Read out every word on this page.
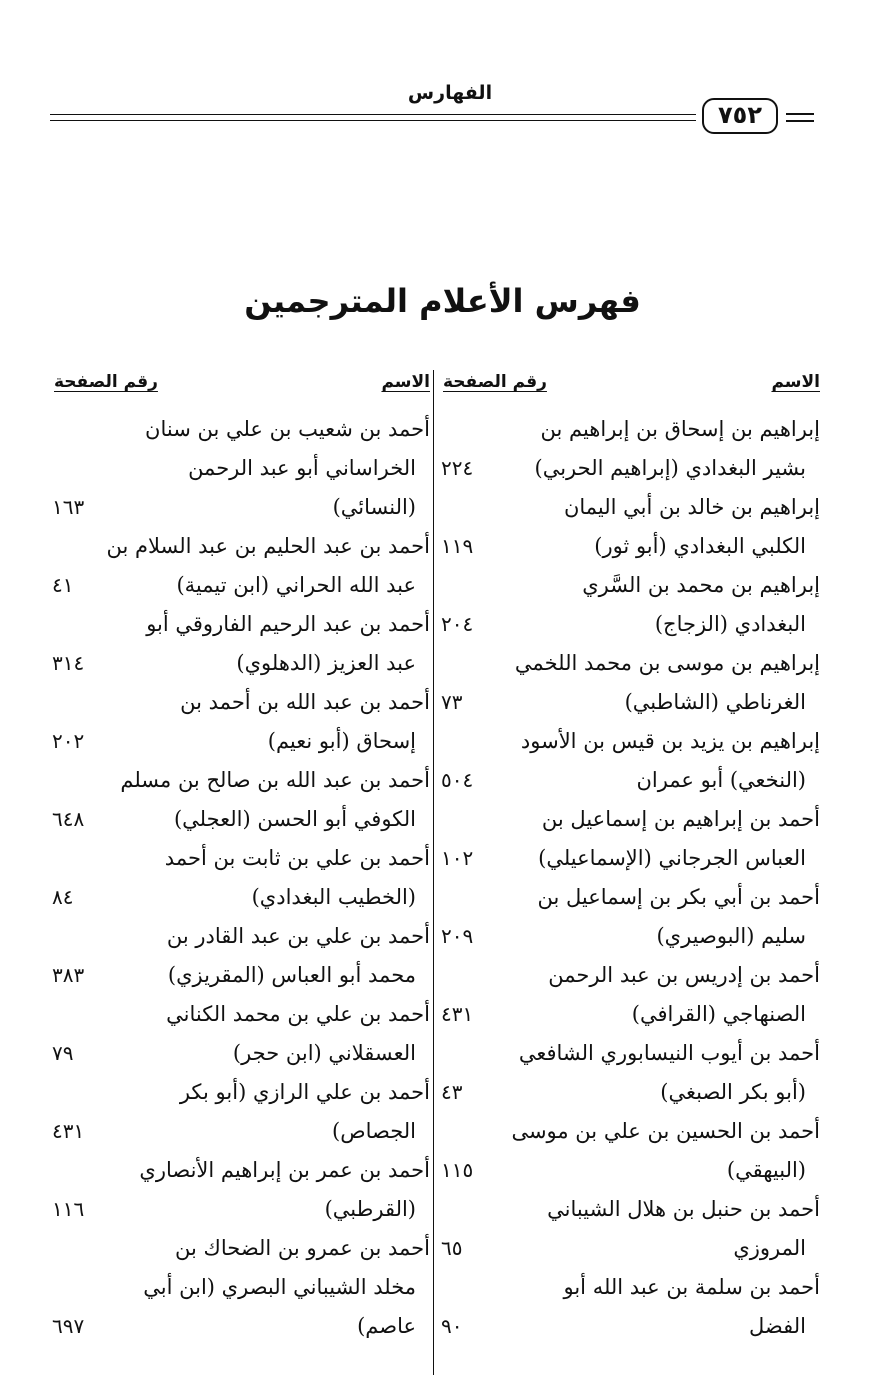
الفهارس
٧٥٢
فهرس الأعلام المترجمين
الاسم
رقم الصفحة
إبراهيم بن إسحاق بن إبراهيم بن
بشير البغدادي (إبراهيم الحربي)
٢٢٤
إبراهيم بن خالد بن أبي اليمان
الكلبي البغدادي (أبو ثور)
١١٩
إبراهيم بن محمد بن السَّري
البغدادي (الزجاج)
٢٠٤
إبراهيم بن موسى بن محمد اللخمي
الغرناطي (الشاطبي)
٧٣
إبراهيم بن يزيد بن قيس بن الأسود
(النخعي) أبو عمران
٥٠٤
أحمد بن إبراهيم بن إسماعيل بن
العباس الجرجاني (الإسماعيلي)
١٠٢
أحمد بن أبي بكر بن إسماعيل بن
سليم (البوصيري)
٢٠٩
أحمد بن إدريس بن عبد الرحمن
الصنهاجي (القرافي)
٤٣١
أحمد بن أيوب النيسابوري الشافعي
(أبو بكر الصبغي)
٤٣
أحمد بن الحسين بن علي بن موسى
(البيهقي)
١١٥
أحمد بن حنبل بن هلال الشيباني
المروزي
٦٥
أحمد بن سلمة بن عبد الله أبو
الفضل
٩٠
الاسم
رقم الصفحة
أحمد بن شعيب بن علي بن سنان
الخراساني أبو عبد الرحمن
(النسائي)
١٦٣
أحمد بن عبد الحليم بن عبد السلام بن
عبد الله الحراني (ابن تيمية)
٤١
أحمد بن عبد الرحيم الفاروقي أبو
عبد العزيز (الدهلوي)
٣١٤
أحمد بن عبد الله بن أحمد بن
إسحاق (أبو نعيم)
٢٠٢
أحمد بن عبد الله بن صالح بن مسلم
الكوفي أبو الحسن (العجلي)
٦٤٨
أحمد بن علي بن ثابت بن أحمد
(الخطيب البغدادي)
٨٤
أحمد بن علي بن عبد القادر بن
محمد أبو العباس (المقريزي)
٣٨٣
أحمد بن علي بن محمد الكناني
العسقلاني (ابن حجر)
٧٩
أحمد بن علي الرازي (أبو بكر
الجصاص)
٤٣١
أحمد بن عمر بن إبراهيم الأنصاري
(القرطبي)
١١٦
أحمد بن عمرو بن الضحاك بن
مخلد الشيباني البصري (ابن أبي
عاصم)
٦٩٧
